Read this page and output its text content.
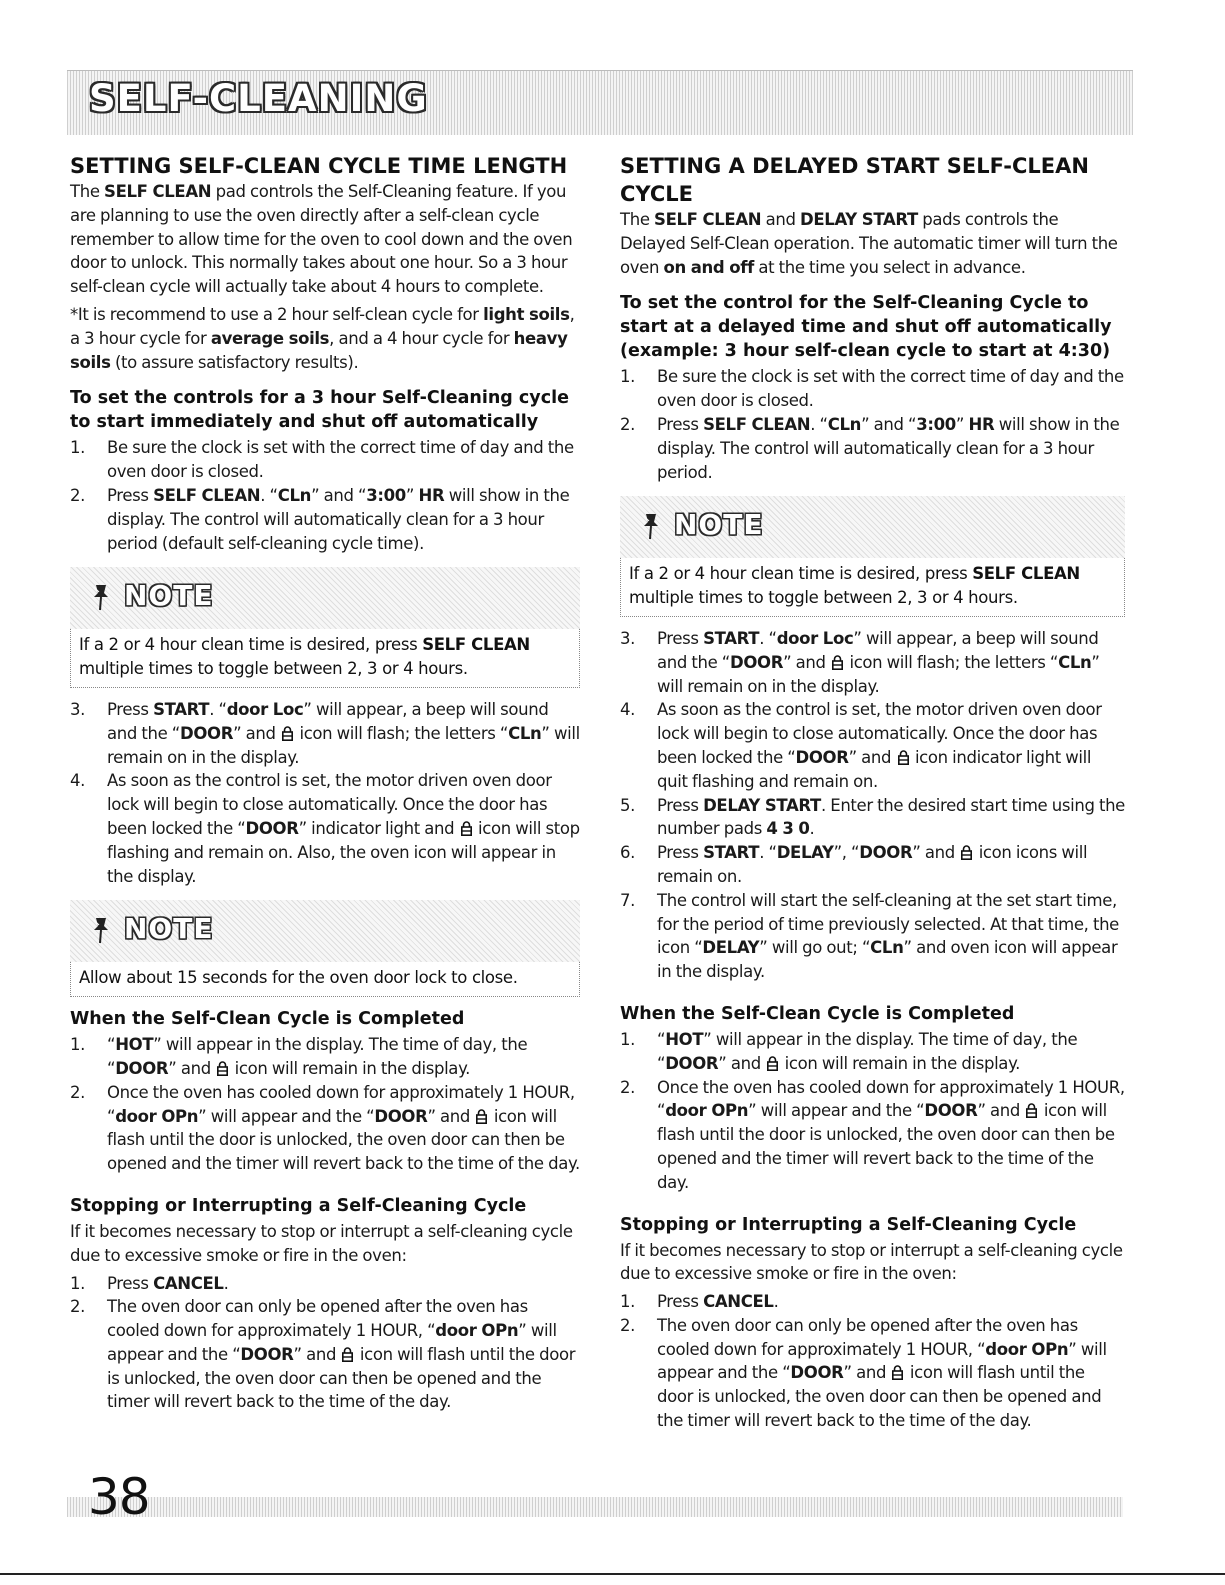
SELF-CLEANING
SETTING SELF-CLEAN CYCLE TIME LENGTH

The SELF CLEAN pad controls the Self-Cleaning feature. If you are planning to use the oven directly after a self-clean cycle remember to allow time for the oven to cool down and the oven door to unlock. This normally takes about one hour. So a 3 hour self-clean cycle will actually take about 4 hours to complete.

*It is recommend to use a 2 hour self-clean cycle for light soils, a 3 hour cycle for average soils, and a 4 hour cycle for heavy soils (to assure satisfactory results).

To set the controls for a 3 hour Self-Cleaning cycle to start immediately and shut off automatically
1.	Be sure the clock is set with the correct time of day and the oven door is closed.
2.	Press SELF CLEAN. “CLn” and “3:00” HR will show in the display. The control will automatically clean for a 3 hour period (default self-cleaning cycle time).
NOTE
If a 2 or 4 hour clean time is desired, press SELF CLEAN multiple times to toggle between 2, 3 or 4 hours.
3.	Press START. “door Loc” will appear, a beep will sound and the “DOOR” and  icon will flash; the letters “CLn” will remain on in the display.
4.	As soon as the control is set, the motor driven oven door lock will begin to close automatically. Once the door has been locked the “DOOR” indicator light and  icon will stop flashing and remain on. Also, the oven icon will appear in the display.
NOTE
Allow about 15 seconds for the oven door lock to close.
When the Self-Clean Cycle is Completed
1.	“HOT” will appear in the display. The time of day, the “DOOR” and  icon will remain in the display.
2.	Once the oven has cooled down for approximately 1 HOUR, “door OPn” will appear and the “DOOR” and  icon will flash until the door is unlocked, the oven door can then be opened and the timer will revert back to the time of the day.
Stopping or Interrupting a Self-Cleaning Cycle

If it becomes necessary to stop or interrupt a self-cleaning cycle due to excessive smoke or fire in the oven:

1.	Press CANCEL.
2.	The oven door can only be opened after the oven has cooled down for approximately 1 HOUR, “door OPn” will appear and the “DOOR” and  icon will flash until the door is unlocked, the oven door can then be opened and the timer will revert back to the time of the day.
SETTING A DELAYED START SELF-CLEAN CYCLE

The SELF CLEAN and DELAY START pads controls the Delayed Self-Clean operation. The automatic timer will turn the oven on and off at the time you select in advance.

To set the control for the Self-Cleaning Cycle to start at a delayed time and shut off automatically (example: 3 hour self-clean cycle to start at 4:30)
1.	Be sure the clock is set with the correct time of day and the oven door is closed.
2.	Press SELF CLEAN. “CLn” and “3:00” HR will show in the display. The control will automatically clean for a 3 hour period.
NOTE
If a 2 or 4 hour clean time is desired, press SELF CLEAN multiple times to toggle between 2, 3 or 4 hours.
3.	Press START. “door Loc” will appear, a beep will sound and the “DOOR” and  icon will flash; the letters “CLn” will remain on in the display.
4.	As soon as the control is set, the motor driven oven door lock will begin to close automatically. Once the door has been locked the “DOOR” and  icon indicator light will quit flashing and remain on.
5.	Press DELAY START. Enter the desired start time using the number pads 4 3 0.
6.	Press START. “DELAY”, “DOOR” and  icon icons will remain on.
7.	The control will start the self-cleaning at the set start time, for the period of time previously selected. At that time, the icon “DELAY” will go out; “CLn” and oven icon will appear in the display.
When the Self-Clean Cycle is Completed
1.	“HOT” will appear in the display. The time of day, the “DOOR” and  icon will remain in the display.
2.	Once the oven has cooled down for approximately 1 HOUR, “door OPn” will appear and the “DOOR” and  icon will flash until the door is unlocked, the oven door can then be opened and the timer will revert back to the time of the day.
Stopping or Interrupting a Self-Cleaning Cycle

If it becomes necessary to stop or interrupt a self-cleaning cycle due to excessive smoke or fire in the oven:

1.	Press CANCEL.
2.	The oven door can only be opened after the oven has cooled down for approximately 1 HOUR, “door OPn” will appear and the “DOOR” and  icon will flash until the door is unlocked, the oven door can then be opened and the timer will revert back to the time of the day.

38
